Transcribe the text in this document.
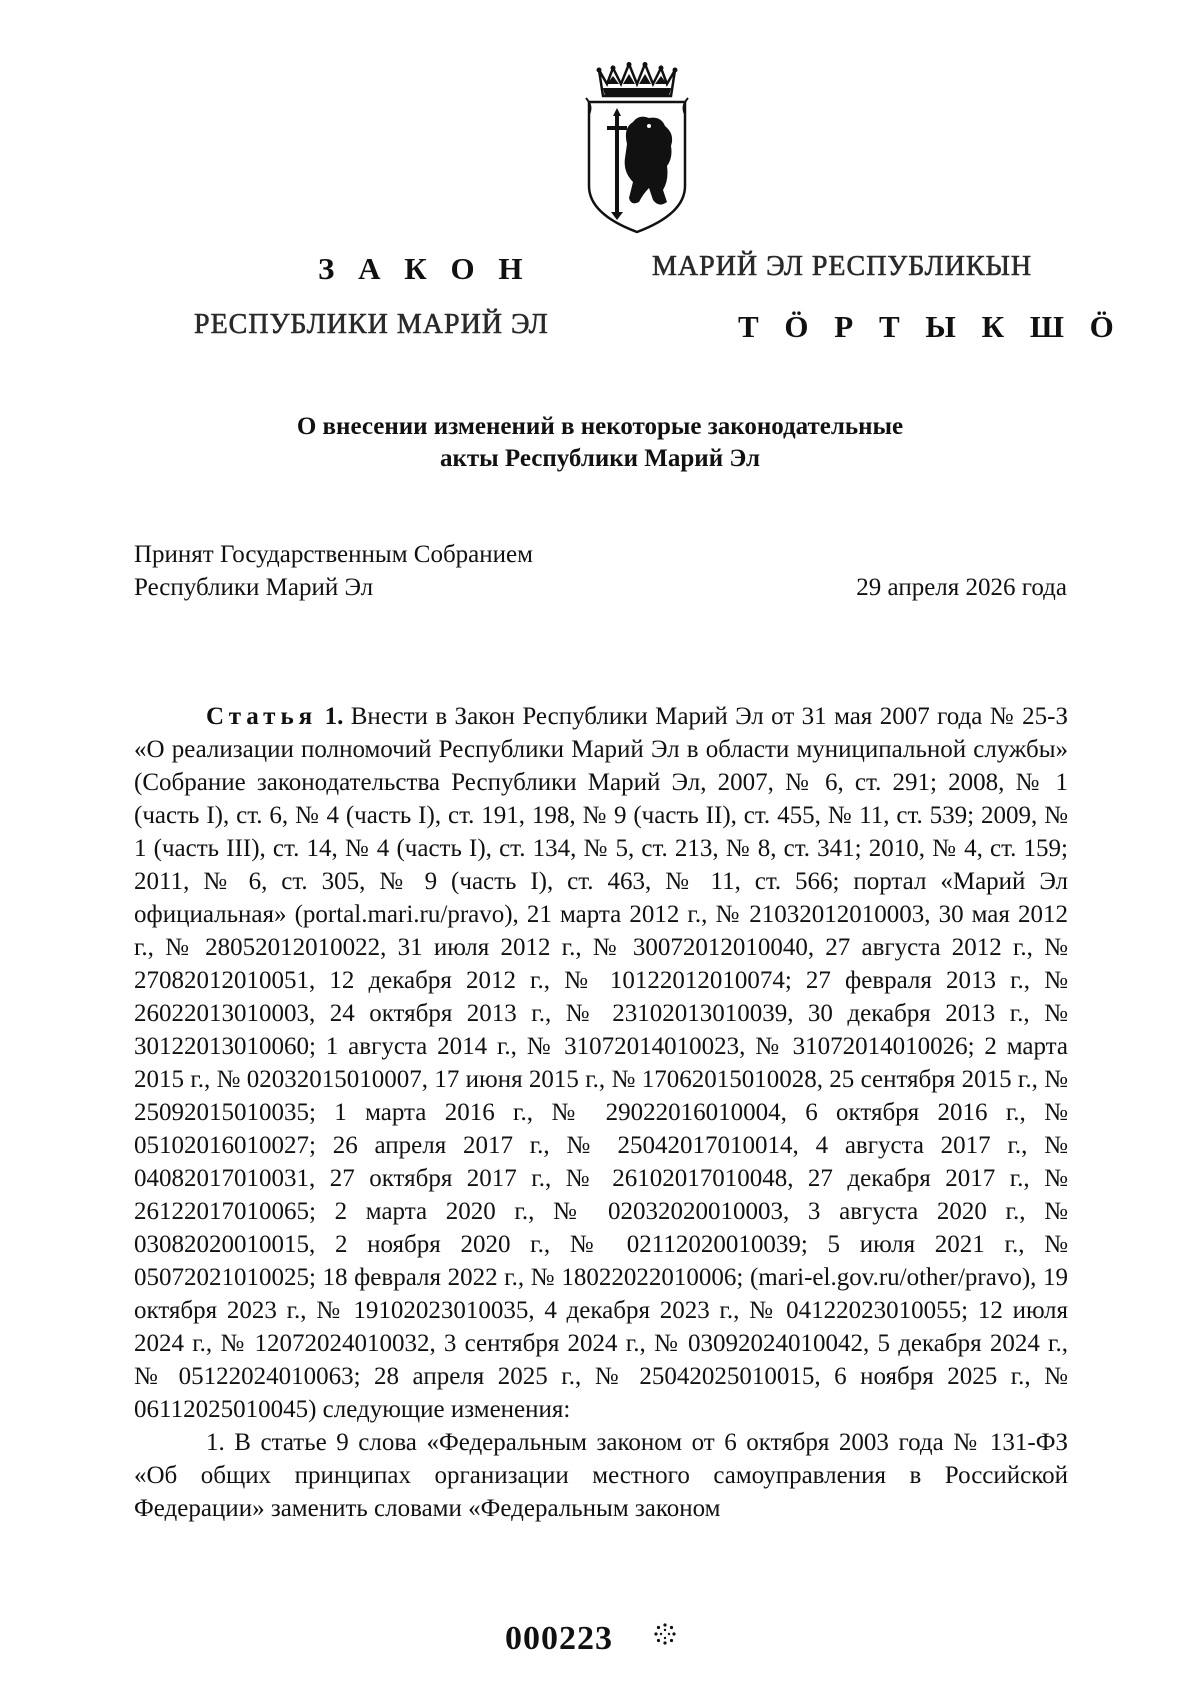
З А К О Н
РЕСПУБЛИКИ МАРИЙ ЭЛ
МАРИЙ ЭЛ РЕСПУБЛИКЫН
Т Ӧ Р Т Ы К Ш Ӧ
О внесении изменений в некоторые законодательные
акты Республики Марий Эл
Принят Государственным Собранием
Республики Марий Эл	29 апреля 2026 года

Статья 1. Внести в Закон Республики Марий Эл от 31 мая 2007 года № 25-З «О реализации полномочий Республики Марий Эл в области муниципальной службы» (Собрание законодательства Республики Марий Эл, 2007, № 6, ст. 291; 2008, № 1 (часть I), ст. 6, № 4 (часть I), ст. 191, 198, № 9 (часть II), ст. 455, № 11, ст. 539; 2009, № 1 (часть III), ст. 14, № 4 (часть I), ст. 134, № 5, ст. 213, № 8, ст. 341; 2010, № 4, ст. 159; 2011, № 6, ст. 305, № 9 (часть I), ст. 463, № 11, ст. 566; портал «Марий Эл официальная» (portal.mari.ru/pravo), 21 марта 2012 г., № 21032012010003, 30 мая 2012 г., № 28052012010022, 31 июля 2012 г., № 30072012010040, 27 августа 2012 г., № 27082012010051, 12 декабря 2012 г., № 10122012010074; 27 февраля 2013 г., № 26022013010003, 24 октября 2013 г., № 23102013010039, 30 декабря 2013 г., № 30122013010060; 1 августа 2014 г., № 31072014010023, № 31072014010026; 2 марта 2015 г., № 02032015010007, 17 июня 2015 г., № 17062015010028, 25 сентября 2015 г., № 25092015010035; 1 марта 2016 г., № 29022016010004, 6 октября 2016 г., № 05102016010027; 26 апреля 2017 г., № 25042017010014, 4 августа 2017 г., № 04082017010031, 27 октября 2017 г., № 26102017010048, 27 декабря 2017 г., № 26122017010065; 2 марта 2020 г., № 02032020010003, 3 августа 2020 г., № 03082020010015, 2 ноября 2020 г., № 02112020010039; 5 июля 2021 г., № 05072021010025; 18 февраля 2022 г., № 18022022010006; (mari-el.gov.ru/other/pravo), 19 октября 2023 г., № 19102023010035, 4 декабря 2023 г., № 04122023010055; 12 июля 2024 г., № 12072024010032, 3 сентября 2024 г., № 03092024010042, 5 декабря 2024 г., № 05122024010063; 28 апреля 2025 г., № 25042025010015, 6 ноября 2025 г., № 06112025010045) следующие изменения:

1. В статье 9 слова «Федеральным законом от 6 октября 2003 года № 131-ФЗ «Об общих принципах организации местного самоуправления в Российской Федерации» заменить словами «Федеральным законом

000223
